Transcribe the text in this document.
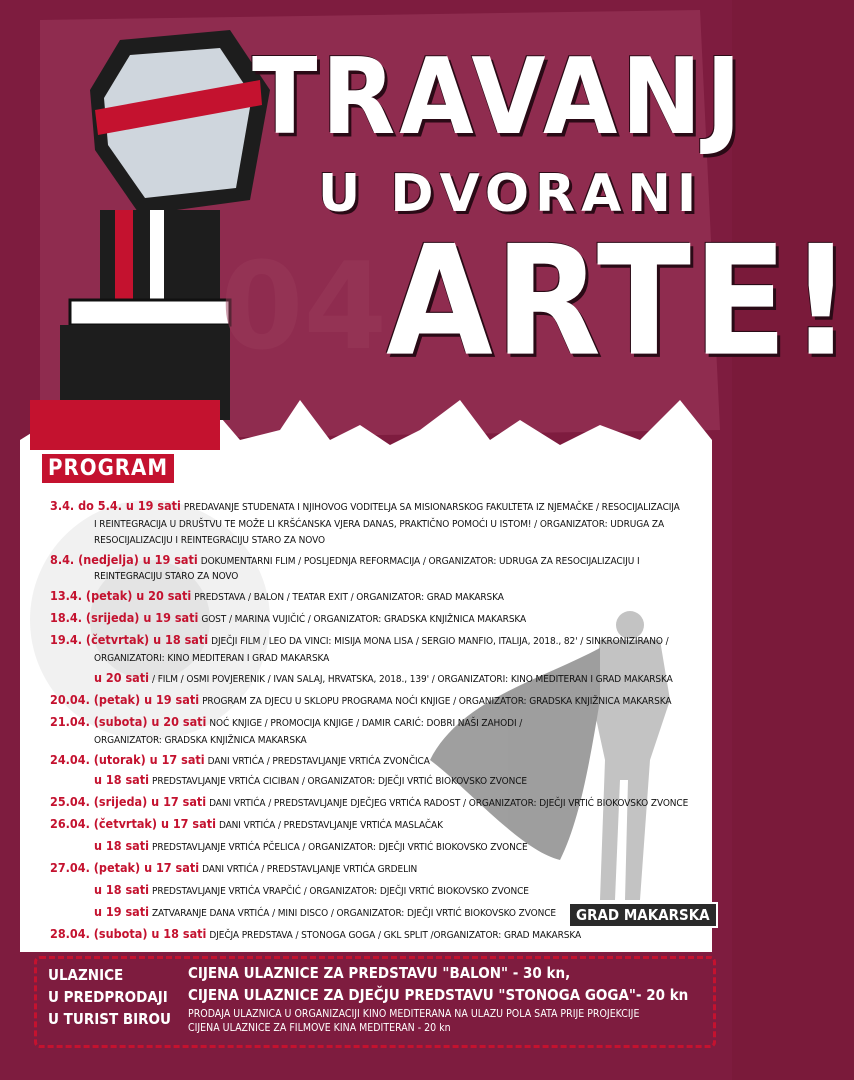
04
TRAVANJ
U DVORANI
ARTE!
PROGRAM
3.4. do 5.4. u 19 sati PREDAVANJE STUDENATA I NJIHOVOG VODITELJA SA MISIONARSKOG FAKULTETA IZ NJEMAČKE / RESOCIJALIZACIJA
I REINTEGRACIJA U DRUŠTVU TE MOŽE LI KRŠĆANSKA VJERA DANAS, PRAKTIČNO POMOĆI U ISTOM! / ORGANIZATOR: UDRUGA ZA
RESOCIJALIZACIJU I REINTEGRACIJU STARO ZA NOVO
8.4. (nedjelja) u 19 sati DOKUMENTARNI FLIM / POSLJEDNJA REFORMACIJA / ORGANIZATOR: UDRUGA ZA RESOCIJALIZACIJU I
REINTEGRACIJU STARO ZA NOVO
13.4. (petak) u 20 sati PREDSTAVA / BALON / TEATAR EXIT / ORGANIZATOR: GRAD MAKARSKA
18.4. (srijeda) u 19 sati GOST / MARINA VUJIČIĆ / ORGANIZATOR: GRADSKA KNJIŽNICA MAKARSKA
19.4. (četvrtak) u 18 sati DJEČJI FILM / LEO DA VINCI: MISIJA MONA LISA / SERGIO MANFIO, ITALIJA, 2018., 82' / SINKRONIZIRANO /
ORGANIZATORI: KINO MEDITERAN I GRAD MAKARSKA
u 20 sati / FILM / OSMI POVJERENIK / IVAN SALAJ, HRVATSKA, 2018., 139' / ORGANIZATORI: KINO MEDITERAN I GRAD MAKARSKA
20.04. (petak) u 19 sati PROGRAM ZA DJECU U SKLOPU PROGRAMA NOĆI KNJIGE / ORGANIZATOR: GRADSKA KNJIŽNICA MAKARSKA
21.04. (subota) u 20 sati NOĆ KNJIGE / PROMOCIJA KNJIGE / DAMIR CARIĆ: DOBRI NAŠI ZAHODI /
ORGANIZATOR: GRADSKA KNJIŽNICA MAKARSKA
24.04. (utorak) u 17 sati DANI VRTIĆA / PREDSTAVLJANJE VRTIĆA ZVONČICA
u 18 sati PREDSTAVLJANJE VRTIĆA CICIBAN / ORGANIZATOR: DJEČJI VRTIĆ BIOKOVSKO ZVONCE
25.04. (srijeda) u 17 sati DANI VRTIĆA / PREDSTAVLJANJE DJEČJEG VRTIĆA RADOST / ORGANIZATOR: DJEČJI VRTIĆ BIOKOVSKO ZVONCE
26.04. (četvrtak) u 17 sati DANI VRTIĆA / PREDSTAVLJANJE VRTIĆA MASLAČAK
u 18 sati PREDSTAVLJANJE VRTIĆA PČELICA / ORGANIZATOR: DJEČJI VRTIĆ BIOKOVSKO ZVONCE
27.04. (petak) u 17 sati DANI VRTIĆA / PREDSTAVLJANJE VRTIĆA GRDELIN
u 18 sati PREDSTAVLJANJE VRTIĆA VRAPČIĆ / ORGANIZATOR: DJEČJI VRTIĆ BIOKOVSKO ZVONCE
u 19 sati ZATVARANJE DANA VRTIĆA / MINI DISCO / ORGANIZATOR: DJEČJI VRTIĆ BIOKOVSKO ZVONCE
28.04. (subota) u 18 sati DJEČJA PREDSTAVA / STONOGA GOGA / GKL SPLIT /ORGANIZATOR: GRAD MAKARSKA
GRAD MAKARSKA
ULAZNICE
U PREDPRODAJI
U TURIST BIROU
CIJENA ULAZNICE ZA PREDSTAVU "BALON" - 30 kn,
CIJENA ULAZNICE ZA DJEČJU PREDSTAVU "STONOGA GOGA"- 20 kn
PRODAJA ULAZNICA U ORGANIZACIJI KINO MEDITERANA NA ULAZU POLA SATA PRIJE PROJEKCIJE
CIJENA ULAZNICE ZA FILMOVE KINA MEDITERAN - 20 kn
